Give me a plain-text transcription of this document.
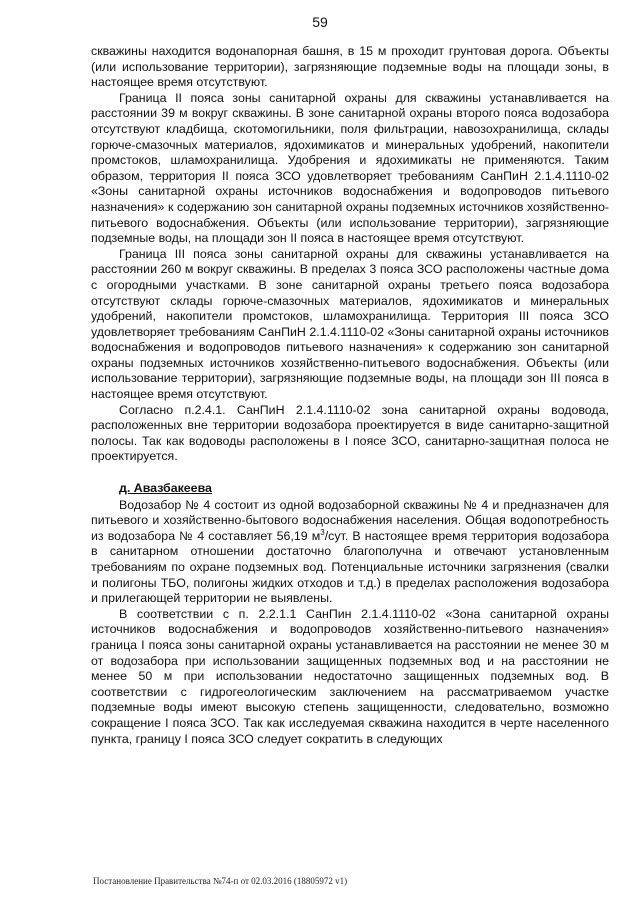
59

скважины находится водонапорная башня, в 15 м проходит грунтовая дорога. Объекты (или использование территории), загрязняющие подземные воды на площади зоны, в настоящее время отсутствуют.

Граница II пояса зоны санитарной охраны для скважины устанавливается на расстоянии 39 м вокруг скважины. В зоне санитарной охраны второго пояса водозабора отсутствуют кладбища, скотомогильники, поля фильтрации, навозохранилища, склады горюче-смазочных материалов, ядохимикатов и минеральных удобрений, накопители промстоков, шламохранилища. Удобрения и ядохимикаты не применяются. Таким образом, территория II пояса ЗСО удовлетворяет требованиям СанПиН 2.1.4.1110-02 «Зоны санитарной охраны источников водоснабжения и водопроводов питьевого назначения» к содержанию зон санитарной охраны подземных источников хозяйственно-питьевого водоснабжения. Объекты (или использование территории), загрязняющие подземные воды, на площади зон II пояса в настоящее время отсутствуют.

Граница III пояса зоны санитарной охраны для скважины устанавливается на расстоянии 260 м вокруг скважины. В пределах 3 пояса ЗСО расположены частные дома с огородными участками. В зоне санитарной охраны третьего пояса водозабора отсутствуют склады горюче-смазочных материалов, ядохимикатов и минеральных удобрений, накопители промстоков, шламохранилища. Территория III пояса ЗСО удовлетворяет требованиям СанПиН 2.1.4.1110-02 «Зоны санитарной охраны источников водоснабжения и водопроводов питьевого назначения» к содержанию зон санитарной охраны подземных источников хозяйственно-питьевого водоснабжения. Объекты (или использование территории), загрязняющие подземные воды, на площади зон III пояса в настоящее время отсутствуют.

Согласно п.2.4.1. СанПиН 2.1.4.1110-02 зона санитарной охраны водовода, расположенных вне территории водозабора проектируется в виде санитарно-защитной полосы. Так как водоводы расположены в I поясе ЗСО, санитарно-защитная полоса не проектируется.

д. Авазбакеева

Водозабор № 4 состоит из одной водозаборной скважины № 4 и предназначен для питьевого и хозяйственно-бытового водоснабжения населения. Общая водопотребность из водозабора № 4 составляет 56,19 $м^3$/сут. В настоящее время территория водозабора в санитарном отношении достаточно благополучна и отвечают установленным требованиям по охране подземных вод. Потенциальные источники загрязнения (свалки и полигоны ТБО, полигоны жидких отходов и т.д.) в пределах расположения водозабора и прилегающей территории не выявлены.

В соответствии с п. 2.2.1.1 СанПин 2.1.4.1110-02 «Зона санитарной охраны источников водоснабжения и водопроводов хозяйственно-питьевого назначения» граница I пояса зоны санитарной охраны устанавливается на расстоянии не менее 30 м от водозабора при использовании защищенных подземных вод и на расстоянии не менее 50 м при использовании недостаточно защищенных подземных вод. В соответствии с гидрогеологическим заключением на рассматриваемом участке подземные воды имеют высокую степень защищенности, следовательно, возможно сокращение I пояса ЗСО. Так как исследуемая скважина находится в черте населенного пункта, границу I пояса ЗСО следует сократить в следующих

Постановление Правительства №74-п от 02.03.2016 (18805972 v1)
